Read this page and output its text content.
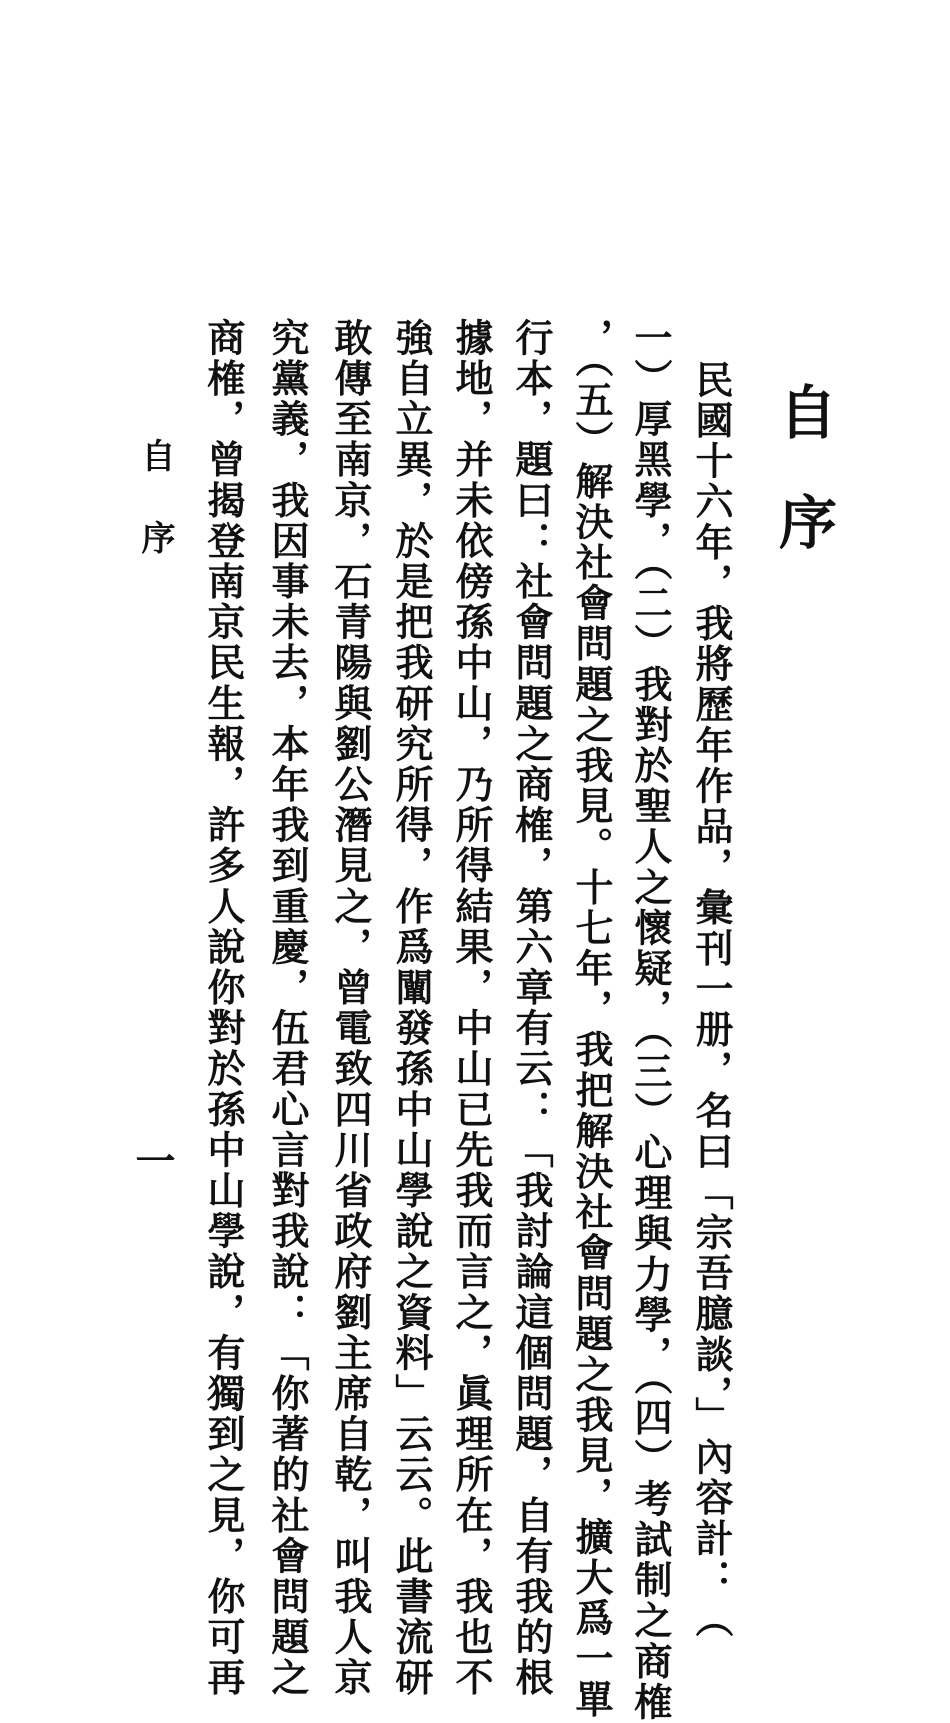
自序
民國十六年，我將歷年作品，彙刊一册，名曰「宗吾臆談，」內容計：（
一）厚黑學，（二）我對於聖人之懷疑，（三）心理與力學，（四）考試制之商榷
，（五）解決社會問題之我見。十七年，我把解決社會問題之我見，擴大爲一單
行本，題曰：社會問題之商榷，第六章有云：「我討論這個問題，自有我的根
據地，并未依傍孫中山，乃所得結果，中山已先我而言之，眞理所在，我也不
強自立異，於是把我研究所得，作爲闡發孫中山學說之資料」云云。此書流研
敢傳至南京，石青陽與劉公潛見之，曾電致四川省政府劉主席自乾，叫我人京
究黨義，我因事未去，本年我到重慶，伍君心言對我說：「你著的社會問題之
商榷，曾揭登南京民生報，許多人說你對於孫中山學說，有獨到之見，你可再
自序
一
